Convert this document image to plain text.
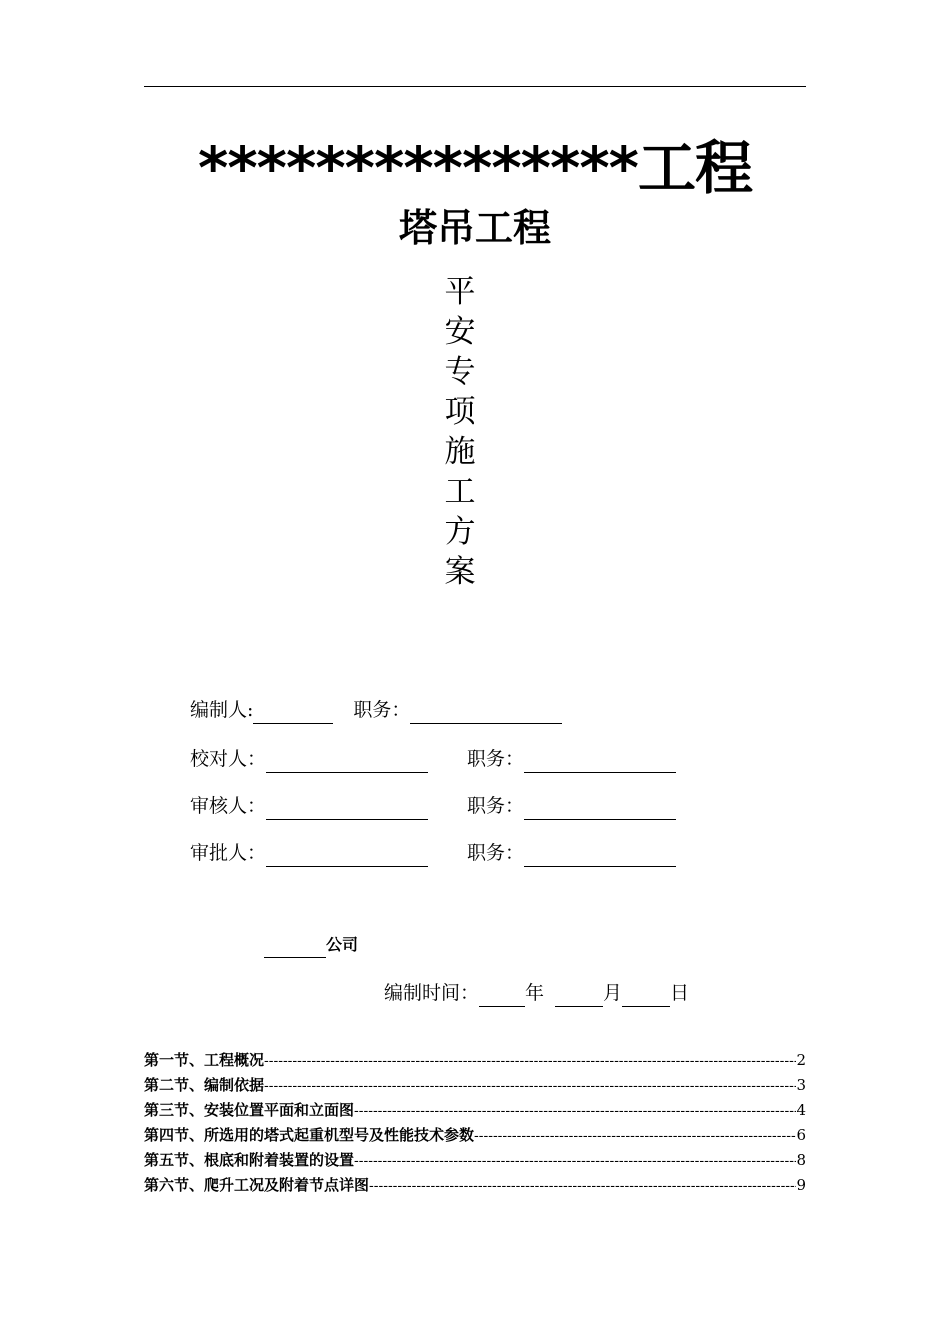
***************工程
塔吊工程
平
安
专
项
施
工
方
案
编制人:	职务：
校对人：	职务：
审核人：	职务：
审批人：	职务：
公司
编制时间： 年	月	日
第一节、工程概况 -----	2
第二节、编制依据 -----	3
第三节、安装位置平面和立面图 -----	4
第四节、所选用的塔式起重机型号及性能技术参数 -----	6
第五节、根底和附着装置的设置 -----	8
第六节、爬升工况及附着节点详图 -----	9
